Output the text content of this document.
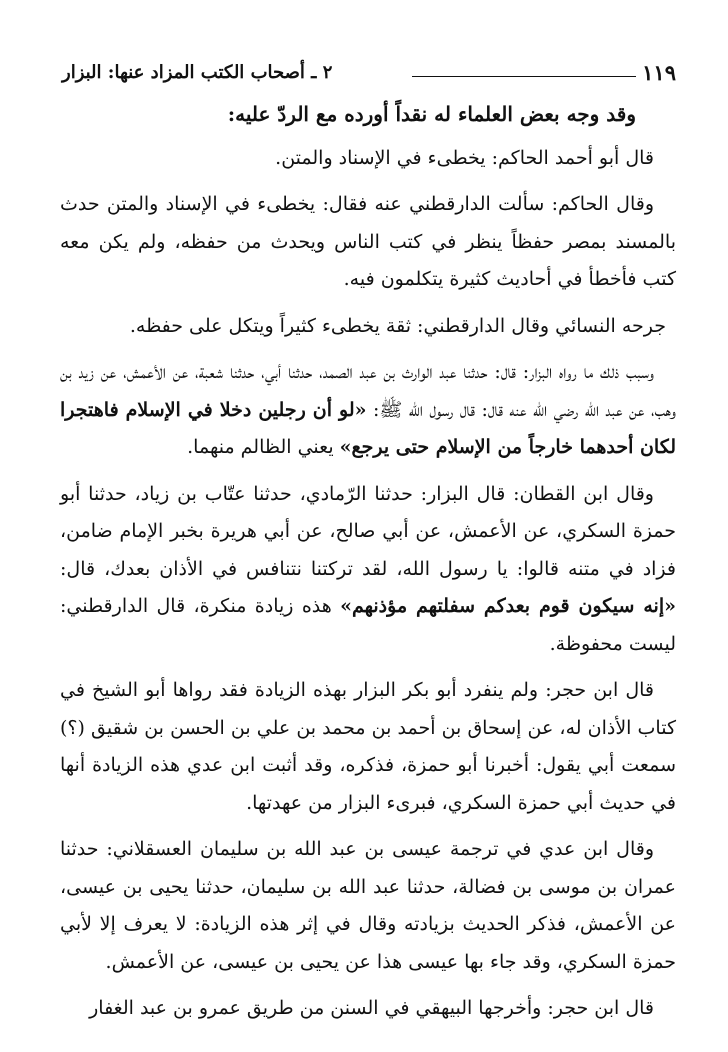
١١٩
٢ ـ أصحاب الكتب المزاد عنها: البزار

وقد وجه بعض العلماء له نقداً أورده مع الردّ عليه:

قال أبو أحمد الحاكم: يخطىء في الإسناد والمتن.

وقال الحاكم: سألت الدارقطني عنه فقال: يخطىء في الإسناد والمتن حدث بالمسند بمصر حفظاً ينظر في كتب الناس ويحدث من حفظه، ولم يكن معه كتب فأخطأ في أحاديث كثيرة يتكلمون فيه.

جرحه النسائي وقال الدارقطني: ثقة يخطىء كثيراً ويتكل على حفظه.

وسبب ذلك ما رواه البزار: قال: حدثنا عبد الوارث بن عبد الصمد، حدثنا أبي، حدثنا شعبة، عن الأعمش، عن زيد بن وهب، عن عبد الله رضي الله عنه قال: قال رسول الله ﷺ: «لو أن رجلين دخلا في الإسلام فاهتجرا لكان أحدهما خارجاً من الإسلام حتى يرجع» يعني الظالم منهما.

وقال ابن القطان: قال البزار: حدثنا الرّمادي، حدثنا عتّاب بن زياد، حدثنا أبو حمزة السكري، عن الأعمش، عن أبي صالح، عن أبي هريرة بخبر الإمام ضامن، فزاد في متنه قالوا: يا رسول الله، لقد تركتنا نتنافس في الأذان بعدك، قال: «إنه سيكون قوم بعدكم سفلتهم مؤذنهم» هذه زيادة منكرة، قال الدارقطني: ليست محفوظة.

قال ابن حجر: ولم ينفرد أبو بكر البزار بهذه الزيادة فقد رواها أبو الشيخ في كتاب الأذان له، عن إسحاق بن أحمد بن محمد بن علي بن الحسن بن شقيق (؟) سمعت أبي يقول: أخبرنا أبو حمزة، فذكره، وقد أثبت ابن عدي هذه الزيادة أنها في حديث أبي حمزة السكري، فبرىء البزار من عهدتها.

وقال ابن عدي في ترجمة عيسى بن عبد الله بن سليمان العسقلاني: حدثنا عمران بن موسى بن فضالة، حدثنا عبد الله بن سليمان، حدثنا يحيى بن عيسى، عن الأعمش، فذكر الحديث بزيادته وقال في إثر هذه الزيادة: لا يعرف إلا لأبي حمزة السكري، وقد جاء بها عيسى هذا عن يحيى بن عيسى، عن الأعمش.

قال ابن حجر: وأخرجها البيهقي في السنن من طريق عمرو بن عبد الغفار
